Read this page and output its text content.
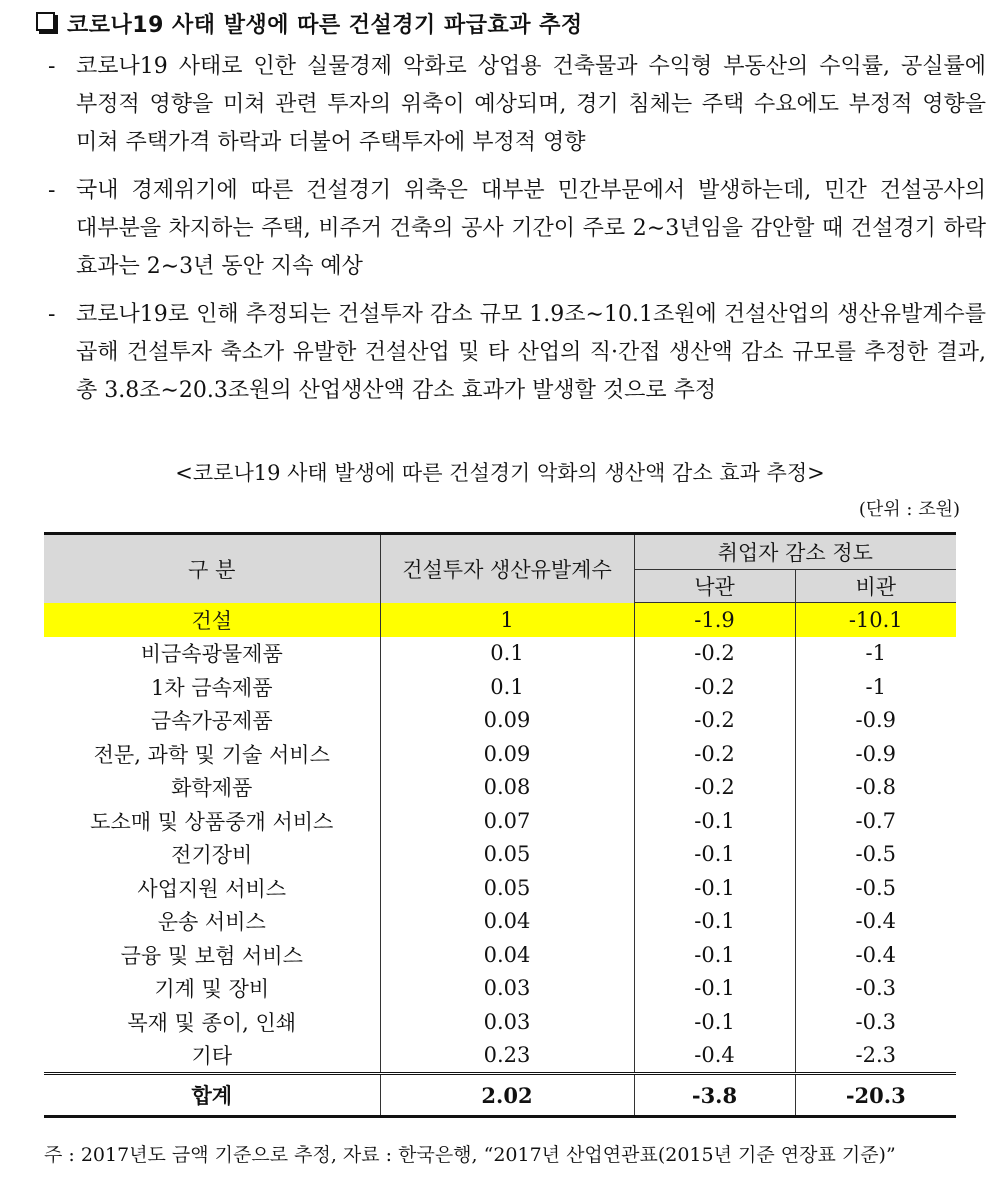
코로나19 사태 발생에 따른 건설경기 파급효과 추정
- 코로나19 사태로 인한 실물경제 악화로 상업용 건축물과 수익형 부동산의 수익률, 공실률에 부정적 영향을 미쳐 관련 투자의 위축이 예상되며, 경기 침체는 주택 수요에도 부정적 영향을 미쳐 주택가격 하락과 더불어 주택투자에 부정적 영향
- 국내 경제위기에 따른 건설경기 위축은 대부분 민간부문에서 발생하는데, 민간 건설공사의 대부분을 차지하는 주택, 비주거 건축의 공사 기간이 주로 2∼3년임을 감안할 때 건설경기 하락 효과는 2∼3년 동안 지속 예상
- 코로나19로 인해 추정되는 건설투자 감소 규모 1.9조∼10.1조원에 건설산업의 생산유발계수를 곱해 건설투자 축소가 유발한 건설산업 및 타 산업의 직·간접 생산액 감소 규모를 추정한 결과, 총 3.8조∼20.3조원의 산업생산액 감소 효과가 발생할 것으로 추정
<코로나19 사태 발생에 따른 건설경기 악화의 생산액 감소 효과 추정>
(단위 : 조원)
구 분	건설투자 생산유발계수	취업자 감소 정도	
		낙관	비관
건설	1	-1.9	-10.1
비금속광물제품	0.1	-0.2	-1
1차 금속제품	0.1	-0.2	-1
금속가공제품	0.09	-0.2	-0.9
전문, 과학 및 기술 서비스	0.09	-0.2	-0.9
화학제품	0.08	-0.2	-0.8
도소매 및 상품중개 서비스	0.07	-0.1	-0.7
전기장비	0.05	-0.1	-0.5
사업지원 서비스	0.05	-0.1	-0.5
운송 서비스	0.04	-0.1	-0.4
금융 및 보험 서비스	0.04	-0.1	-0.4
기계 및 장비	0.03	-0.1	-0.3
목재 및 종이, 인쇄	0.03	-0.1	-0.3
기타	0.23	-0.4	-2.3
합계	2.02	-3.8	-20.3
주 : 2017년도 금액 기준으로 추정, 자료 : 한국은행, “2017년 산업연관표(2015년 기준 연장표 기준)”
